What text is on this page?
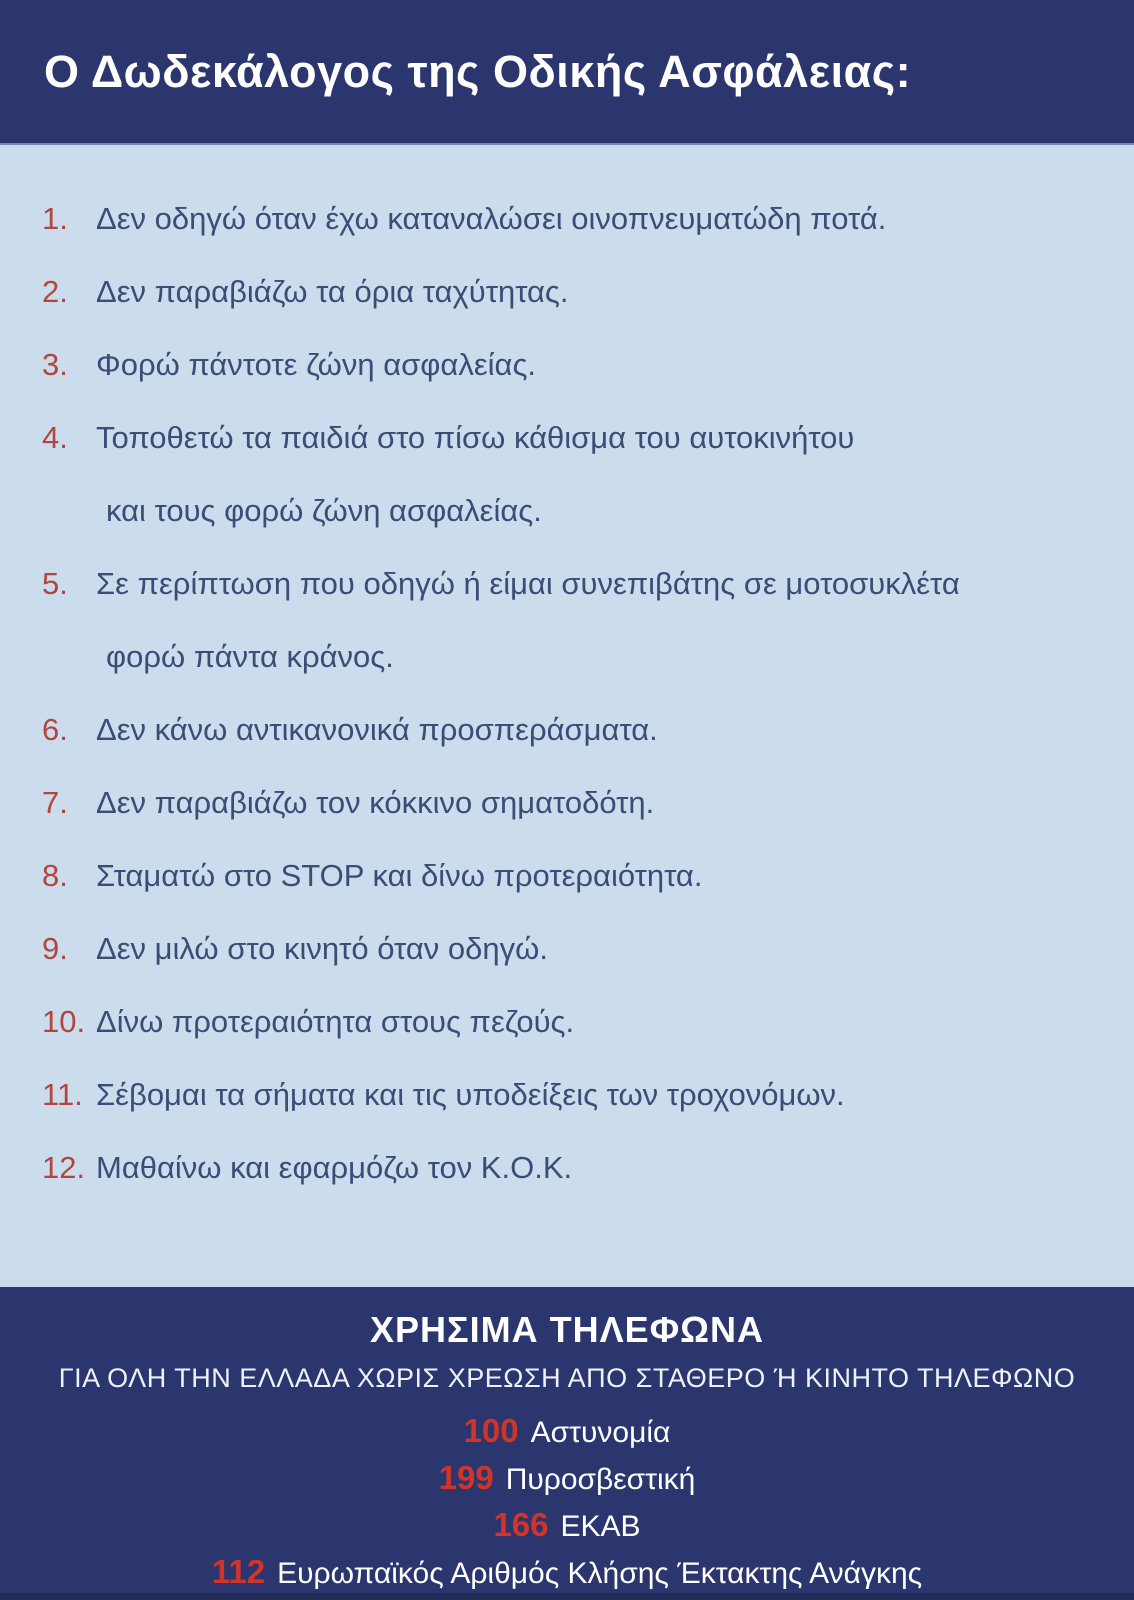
Ο Δωδεκάλογος της Οδικής Ασφάλειας:
1. Δεν οδηγώ όταν έχω καταναλώσει οινοπνευματώδη ποτά.
2. Δεν παραβιάζω τα όρια ταχύτητας.
3. Φορώ πάντοτε ζώνη ασφαλείας.
4. Τοποθετώ τα παιδιά στο πίσω κάθισμα του αυτοκινήτου
και τους φορώ ζώνη ασφαλείας.
5. Σε περίπτωση που οδηγώ ή είμαι συνεπιβάτης σε μοτοσυκλέτα
φορώ πάντα κράνος.
6. Δεν κάνω αντικανονικά προσπεράσματα.
7. Δεν παραβιάζω τον κόκκινο σηματοδότη.
8. Σταματώ στο STOP και δίνω προτεραιότητα.
9. Δεν μιλώ στο κινητό όταν οδηγώ.
10. Δίνω προτεραιότητα στους πεζούς.
11. Σέβομαι τα σήματα και τις υποδείξεις των τροχονόμων.
12. Μαθαίνω και εφαρμόζω τον Κ.Ο.Κ.
ΧΡΗΣΙΜΑ ΤΗΛΕΦΩΝΑ
ΓΙΑ ΟΛΗ ΤΗΝ ΕΛΛΑΔΑ ΧΩΡΙΣ ΧΡΕΩΣΗ ΑΠΟ ΣΤΑΘΕΡΟ Ή ΚΙΝΗΤΟ ΤΗΛΕΦΩΝΟ
100 Αστυνομία
199 Πυροσβεστική
166 ΕΚΑΒ
112 Ευρωπαϊκός Αριθμός Κλήσης Έκτακτης Ανάγκης
